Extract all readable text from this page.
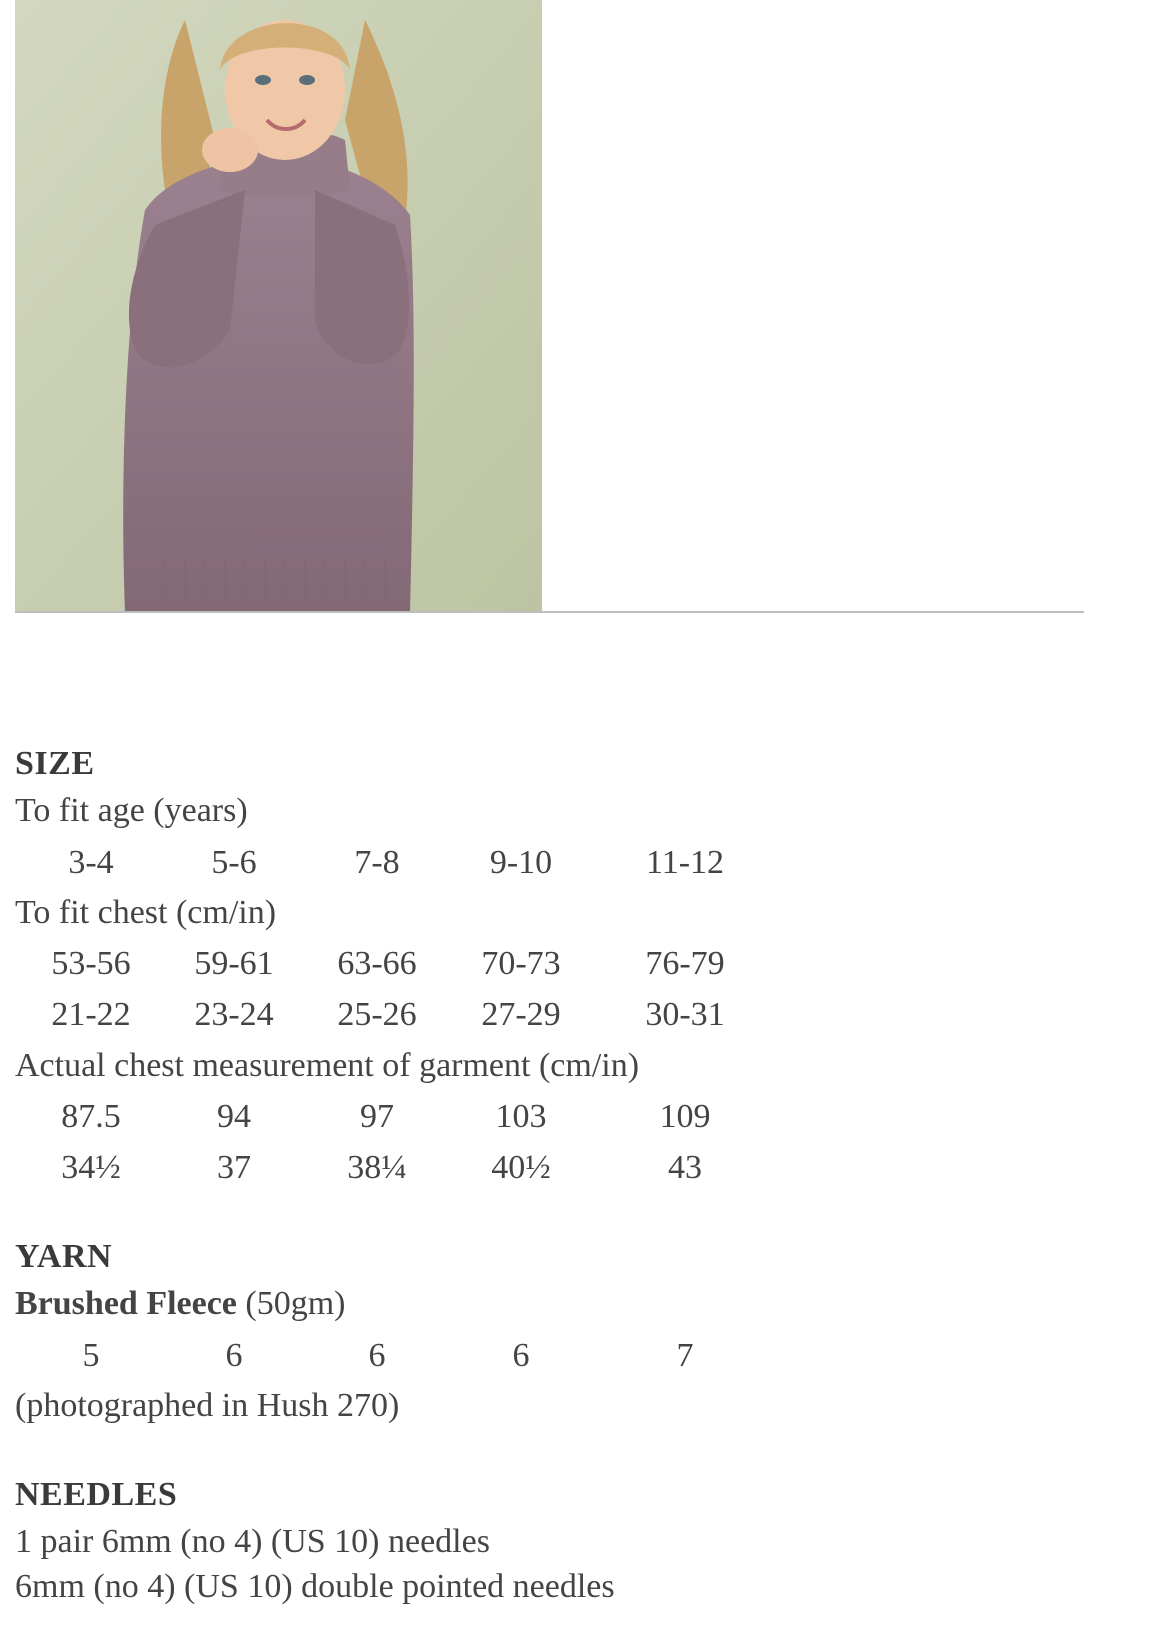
SIZE
To fit age (years)
3-4	5-6	7-8	9-10	11-12
To fit chest (cm/in)
53-56	59-61	63-66	70-73	76-79
21-22	23-24	25-26	27-29	30-31
Actual chest measurement of garment (cm/in)
87.5	94	97	103	109
34½	37	38¼	40½	43
YARN
Brushed Fleece (50gm)
5	6	6	6	7
(photographed in Hush 270)
NEEDLES
1 pair 6mm (no 4) (US 10) needles
6mm (no 4) (US 10) double pointed needles
